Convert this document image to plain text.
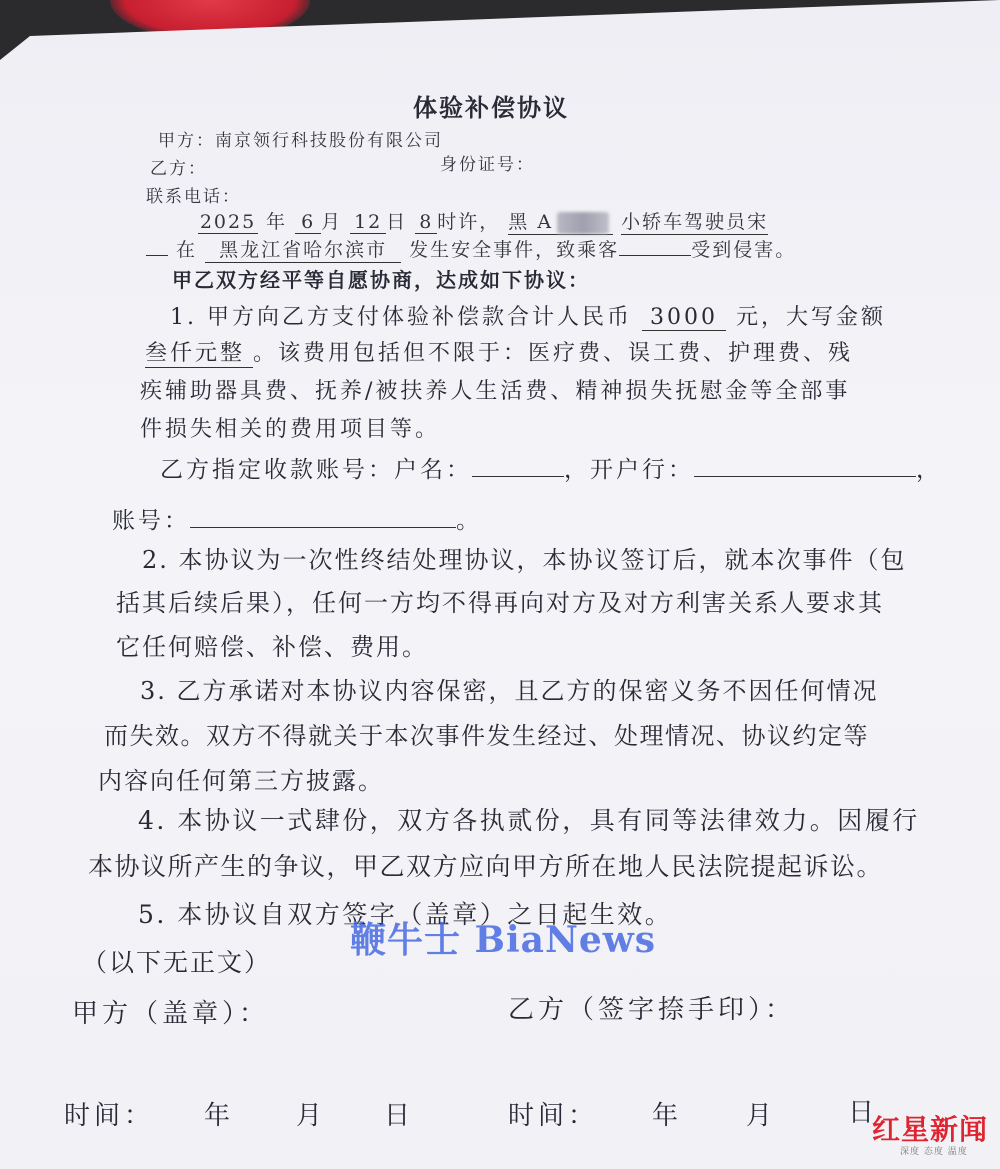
体验补偿协议
甲方：南京领行科技股份有限公司
乙方：	身份证号：
联系电话：
2025 年 6 月 12 日 8 时许， 黑 A	小轿车驾驶员宋
在 黑龙江省哈尔滨市 发生安全事件，致乘客	受到侵害。
甲乙双方经平等自愿协商，达成如下协议：
1. 甲方向乙方支付体验补偿款合计人民币 3000 元，大写金额
叁仟元整 。该费用包括但不限于：医疗费、误工费、护理费、残
疾辅助器具费、抚养/被扶养人生活费、精神损失抚慰金等全部事
件损失相关的费用项目等。
乙方指定收款账号：户名：	，开户行：	，
账号：	。
2. 本协议为一次性终结处理协议，本协议签订后，就本次事件（包
括其后续后果），任何一方均不得再向对方及对方利害关系人要求其
它任何赔偿、补偿、费用。
3. 乙方承诺对本协议内容保密，且乙方的保密义务不因任何情况
而失效。双方不得就关于本次事件发生经过、处理情况、协议约定等
内容向任何第三方披露。
4. 本协议一式肆份，双方各执贰份，具有同等法律效力。因履行
本协议所产生的争议，甲乙双方应向甲方所在地人民法院提起诉讼。
5. 本协议自双方签字（盖章）之日起生效。
（以下无正文）
甲方（盖章）：	乙方（签字捺手印）：
时间： 年 月 日	时间： 年 月	日
鞭牛士 BiaNews
红星新闻
深度 态度 温度
